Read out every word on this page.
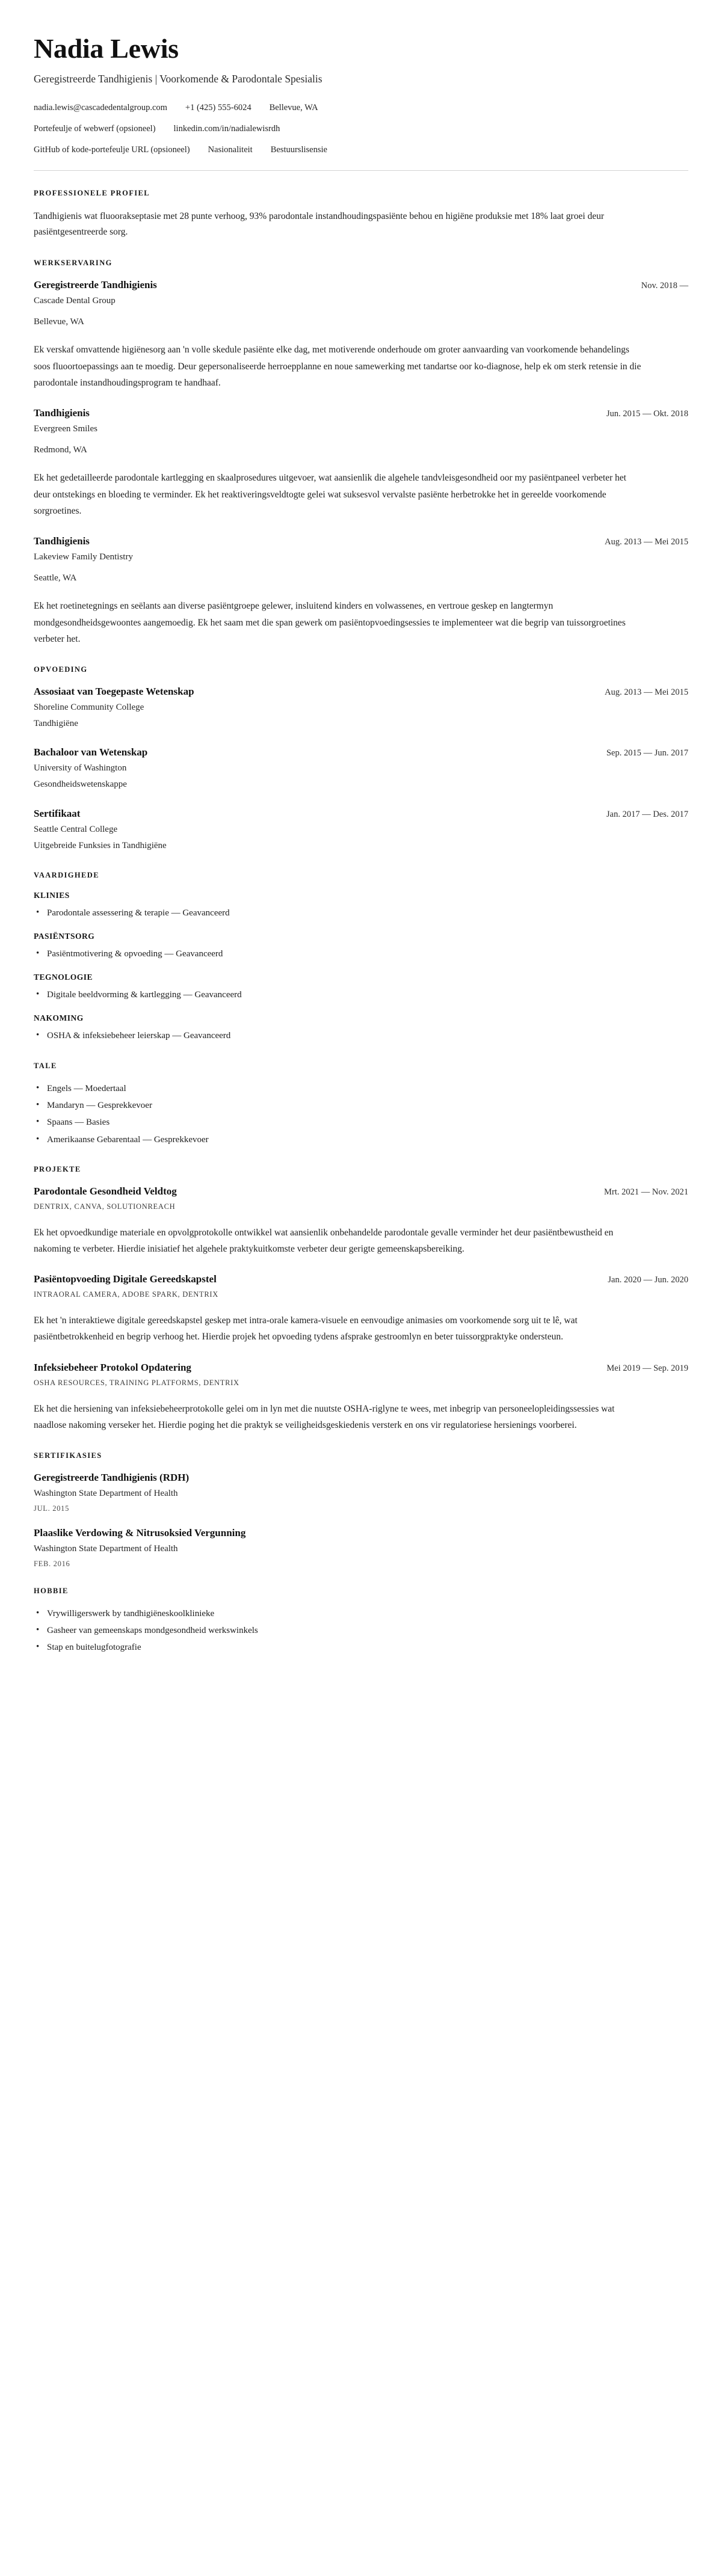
Nadia Lewis
Geregistreerde Tandhigienis | Voorkomende & Parodontale Spesialis
nadia.lewis@cascadedentalgroup.com +1 (425) 555-6024 Bellevue, WA
Portefeulje of webwerf (opsioneel) linkedin.com/in/nadialewisrdh
GitHub of kode-portefeulje URL (opsioneel) Nasionaliteit Bestuurslisensie
PROFESSIONELE PROFIEL

Tandhigienis wat fluoorakseptasie met 28 punte verhoog, 93% parodontale instandhoudingspasiënte behou en higiëne produksie met 18% laat groei deur pasiëntgesentreerde sorg.

WERKSERVARING
Geregistreerde Tandhigienis	Nov. 2018 —
Cascade Dental Group
Bellevue, WA

Ek verskaf omvattende higiënesorg aan 'n volle skedule pasiënte elke dag, met motiverende onderhoude om groter aanvaarding van voorkomende behandelings soos fluoortoepassings aan te moedig. Deur gepersonaliseerde herroepplanne en noue samewerking met tandartse oor ko-diagnose, help ek om sterk retensie in die parodontale instandhoudingsprogram te handhaaf.

Tandhigienis	Jun. 2015 — Okt. 2018
Evergreen Smiles
Redmond, WA

Ek het gedetailleerde parodontale kartlegging en skaalprosedures uitgevoer, wat aansienlik die algehele tandvleisgesondheid oor my pasiëntpaneel verbeter het deur ontstekings en bloeding te verminder. Ek het reaktiveringsveldtogte gelei wat suksesvol vervalste pasiënte herbetrokke het in gereelde voorkomende sorgroetines.

Tandhigienis	Aug. 2013 — Mei 2015
Lakeview Family Dentistry
Seattle, WA

Ek het roetinetegnings en seëlants aan diverse pasiëntgroepe gelewer, insluitend kinders en volwassenes, en vertroue geskep en langtermyn mondgesondheidsgewoontes aangemoedig. Ek het saam met die span gewerk om pasiëntopvoedingsessies te implementeer wat die begrip van tuissorgroetines verbeter het.

OPVOEDING
Assosiaat van Toegepaste Wetenskap	Aug. 2013 — Mei 2015
Shoreline Community College
Tandhigiëne
Bachaloor van Wetenskap	Sep. 2015 — Jun. 2017
University of Washington
Gesondheidswetenskappe
Sertifikaat	Jan. 2017 — Des. 2017
Seattle Central College
Uitgebreide Funksies in Tandhigiëne
VAARDIGHEDE
KLINIES
• Parodontale assessering & terapie — Geavanceerd
PASIËNTSORG
• Pasiëntmotivering & opvoeding — Geavanceerd
TEGNOLOGIE
• Digitale beeldvorming & kartlegging — Geavanceerd
NAKOMING
• OSHA & infeksiebeheer leierskap — Geavanceerd
TALE
• Engels — Moedertaal
• Mandaryn — Gesprekkevoer
• Spaans — Basies
• Amerikaanse Gebarentaal — Gesprekkevoer
PROJEKTE
Parodontale Gesondheid Veldtog	Mrt. 2021 — Nov. 2021
DENTRIX, CANVA, SOLUTIONREACH

Ek het opvoedkundige materiale en opvolgprotokolle ontwikkel wat aansienlik onbehandelde parodontale gevalle verminder het deur pasiëntbewustheid en nakoming te verbeter. Hierdie inisiatief het algehele praktykuitkomste verbeter deur gerigte gemeenskapsbereiking.

Pasiëntopvoeding Digitale Gereedskapstel	Jan. 2020 — Jun. 2020
INTRAORAL CAMERA, ADOBE SPARK, DENTRIX

Ek het 'n interaktiewe digitale gereedskapstel geskep met intra-orale kamera-visuele en eenvoudige animasies om voorkomende sorg uit te lê, wat pasiëntbetrokkenheid en begrip verhoog het. Hierdie projek het opvoeding tydens afsprake gestroomlyn en beter tuissorgpraktyke ondersteun.

Infeksiebeheer Protokol Opdatering	Mei 2019 — Sep. 2019
OSHA RESOURCES, TRAINING PLATFORMS, DENTRIX

Ek het die hersiening van infeksiebeheerprotokolle gelei om in lyn met die nuutste OSHA-riglyne te wees, met inbegrip van personeelopleidingssessies wat naadlose nakoming verseker het. Hierdie poging het die praktyk se veiligheidsgeskiedenis versterk en ons vir regulatoriese hersienings voorberei.

SERTIFIKASIES
Geregistreerde Tandhigienis (RDH)
Washington State Department of Health
JUL. 2015
Plaaslike Verdowing & Nitrusoksied Vergunning
Washington State Department of Health
FEB. 2016
HOBBIE
• Vrywilligerswerk by tandhigiëneskoolklinieke
• Gasheer van gemeenskaps mondgesondheid werkswinkels
• Stap en buitelugfotografie
